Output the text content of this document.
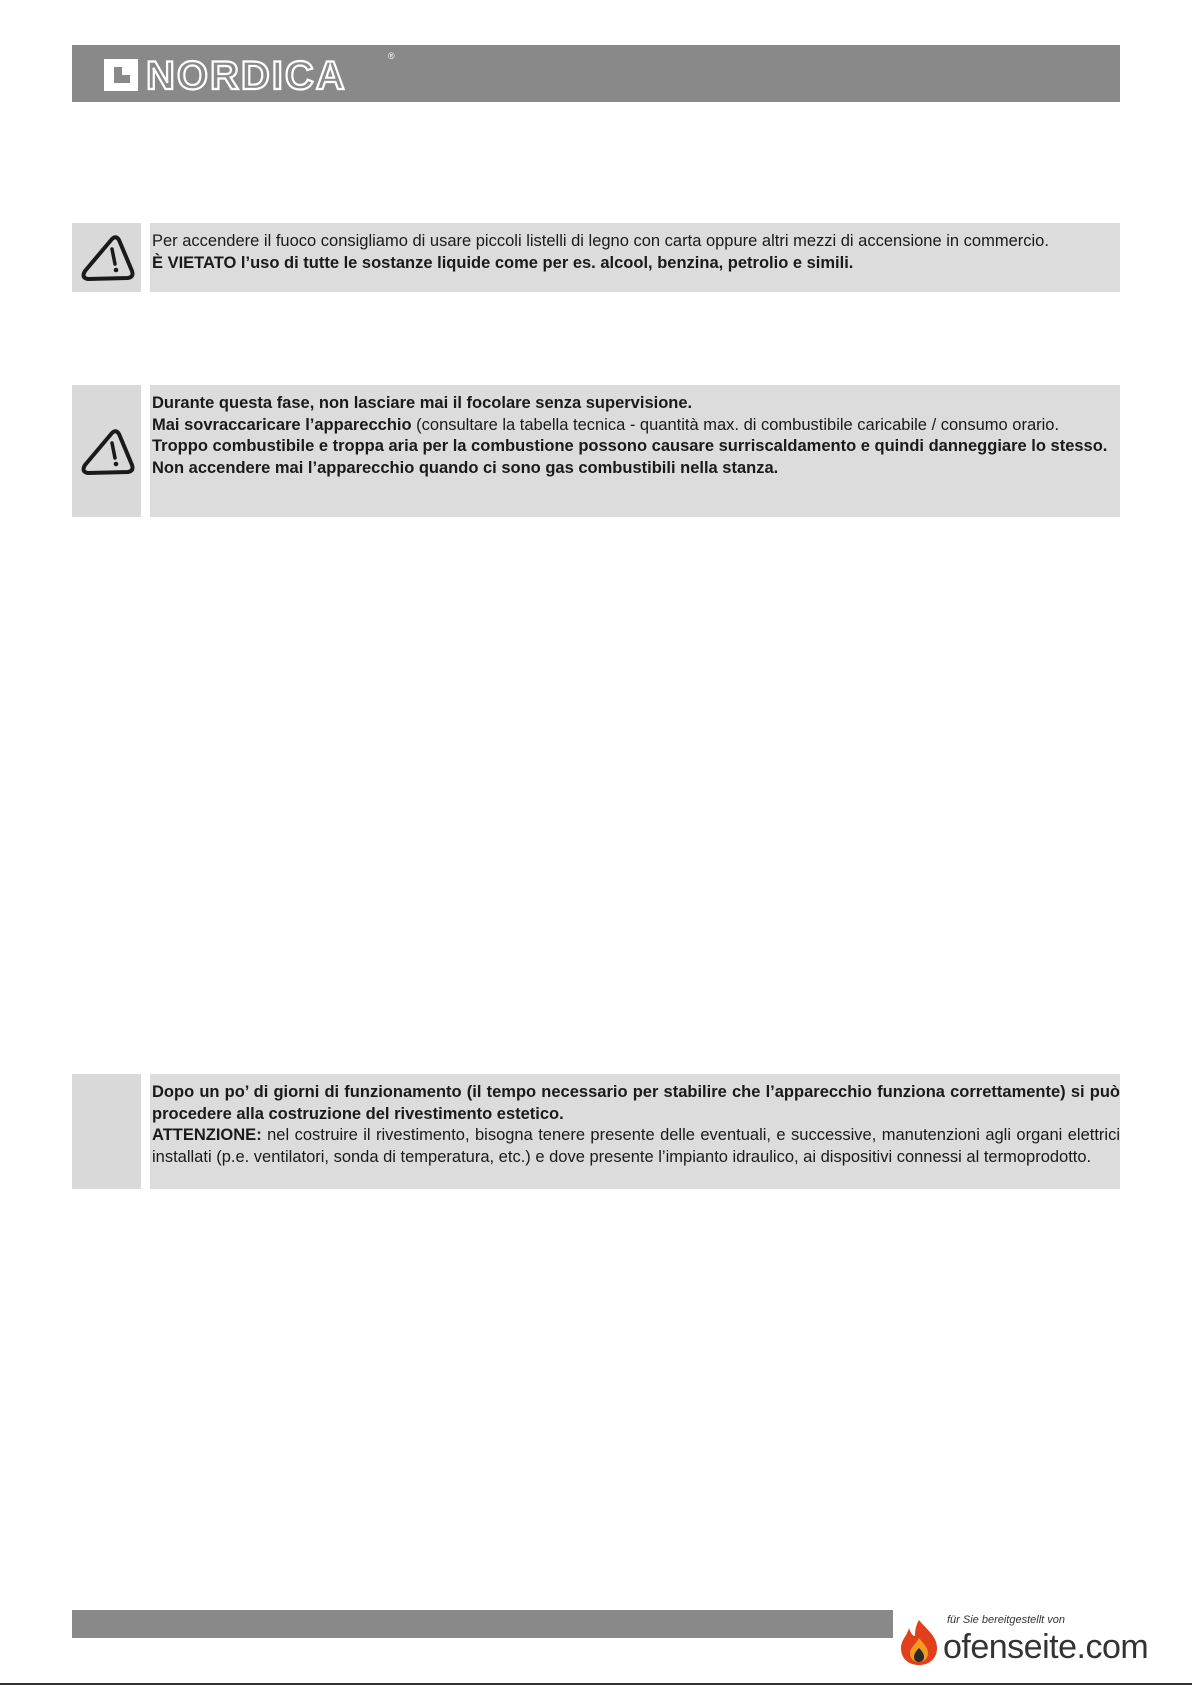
NORDICA	®

Per accendere il fuoco consigliamo di usare piccoli listelli di legno con carta oppure altri mezzi di accensione in commercio.

È VIETATO l’uso di tutte le sostanze liquide come per es. alcool, benzina, petrolio e simili.

Durante questa fase, non lasciare mai il focolare senza supervisione.

Mai sovraccaricare l’apparecchio (consultare la tabella tecnica - quantità max. di combustibile caricabile / consumo orario.

Troppo combustibile e troppa aria per la combustione possono causare surriscaldamento e quindi danneggiare lo stesso.

Non accendere mai l’apparecchio quando ci sono gas combustibili nella stanza.

Dopo un po’ di giorni di funzionamento (il tempo necessario per stabilire che l’apparecchio funziona correttamente) si può procedere alla costruzione del rivestimento estetico.

ATTENZIONE: nel costruire il rivestimento, bisogna tenere presente delle eventuali, e successive, manutenzioni agli organi elettrici installati (p.e. ventilatori, sonda di temperatura, etc.) e dove presente l’impianto idraulico, ai dispositivi connessi al termoprodotto.

für Sie bereitgestellt von
ofenseite.com
